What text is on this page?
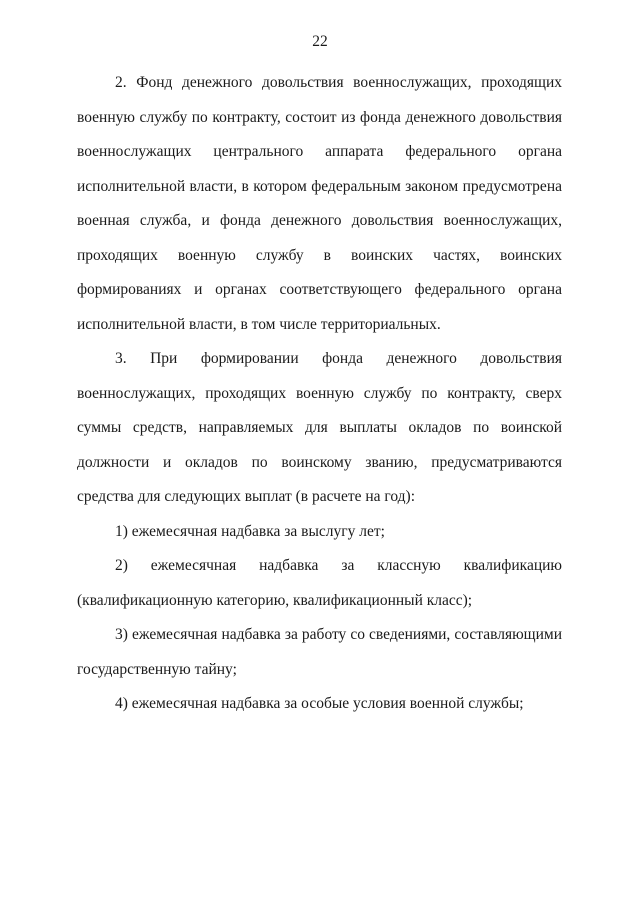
22

2. Фонд денежного довольствия военнослужащих, проходящих военную службу по контракту, состоит из фонда денежного довольствия военнослужащих центрального аппарата федерального органа исполнительной власти, в котором федеральным законом предусмотрена военная служба, и фонда денежного довольствия военнослужащих, проходящих военную службу в воинских частях, воинских формированиях и органах соответствующего федерального органа исполнительной власти, в том числе территориальных.

3. При формировании фонда денежного довольствия военнослужащих, проходящих военную службу по контракту, сверх суммы средств, направляемых для выплаты окладов по воинской должности и окладов по воинскому званию, предусматриваются средства для следующих выплат (в расчете на год):

1) ежемесячная надбавка за выслугу лет;

2) ежемесячная надбавка за классную квалификацию (квалификационную категорию, квалификационный класс);

3) ежемесячная надбавка за работу со сведениями, составляющими государственную тайну;

4) ежемесячная надбавка за особые условия военной службы;
